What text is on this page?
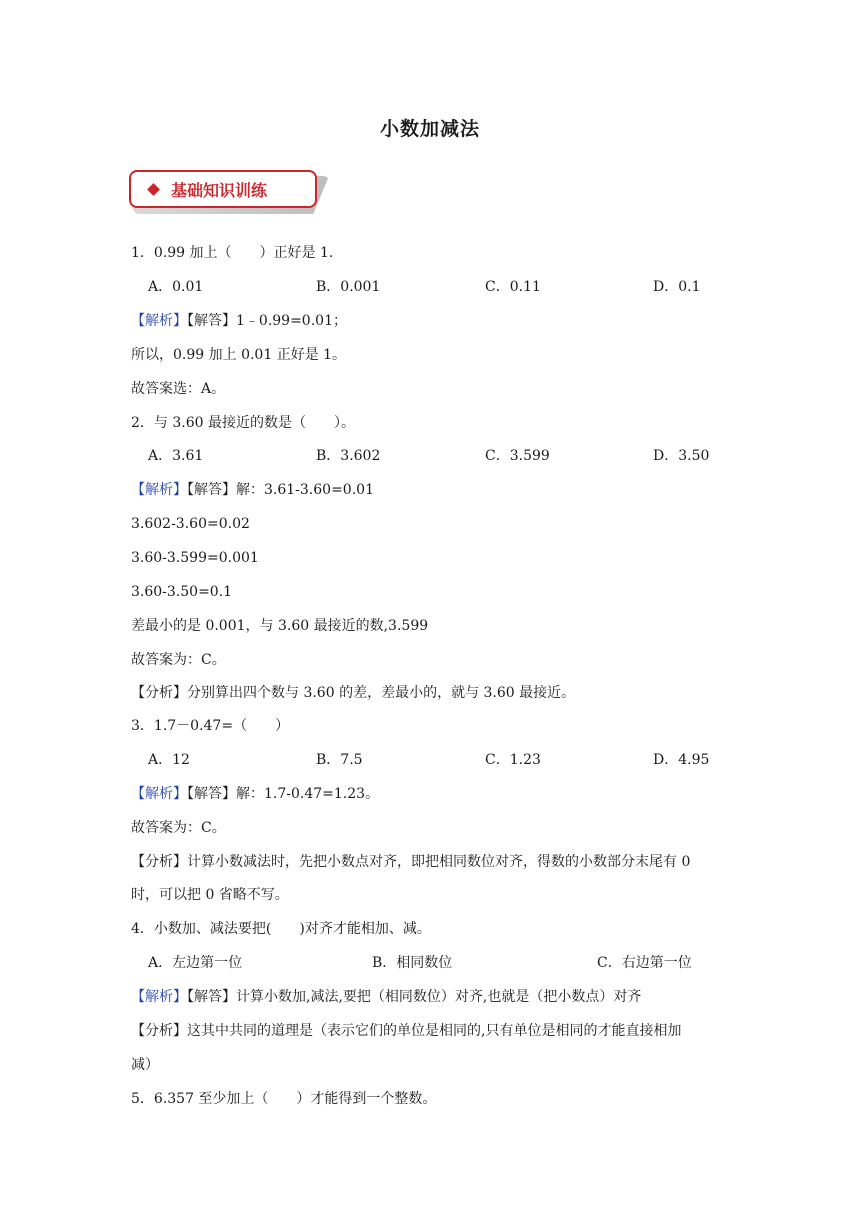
小数加减法
基础知识训练
1．0.99 加上（　　）正好是 1.
A．0.01	B．0.001	C．0.11	D．0.1
【解析】【解答】1﹣0.99=0.01；
所以，0.99 加上 0.01 正好是 1。
故答案选：A。
2．与 3.60 最接近的数是（　　）。
A．3.61	B．3.602	C．3.599	D．3.50
【解析】【解答】解：3.61-3.60=0.01
3.602-3.60=0.02
3.60-3.599=0.001
3.60-3.50=0.1
差最小的是 0.001，与 3.60 最接近的数,3.599
故答案为：C。
【分析】分别算出四个数与 3.60 的差，差最小的，就与 3.60 最接近。
3．1.7－0.47=（　　）
A．12	B．7.5	C．1.23	D．4.95
【解析】【解答】解：1.7-0.47=1.23。
故答案为：C。
【分析】计算小数减法时，先把小数点对齐，即把相同数位对齐，得数的小数部分末尾有 0
时，可以把 0 省略不写。
4．小数加、减法要把(　　)对齐才能相加、减。
A．左边第一位	B．相同数位	C．右边第一位
【解析】【解答】计算小数加,减法,要把（相同数位）对齐,也就是（把小数点）对齐
【分析】这其中共同的道理是（表示它们的单位是相同的,只有单位是相同的才能直接相加
减）
5．6.357 至少加上（　　）才能得到一个整数。
